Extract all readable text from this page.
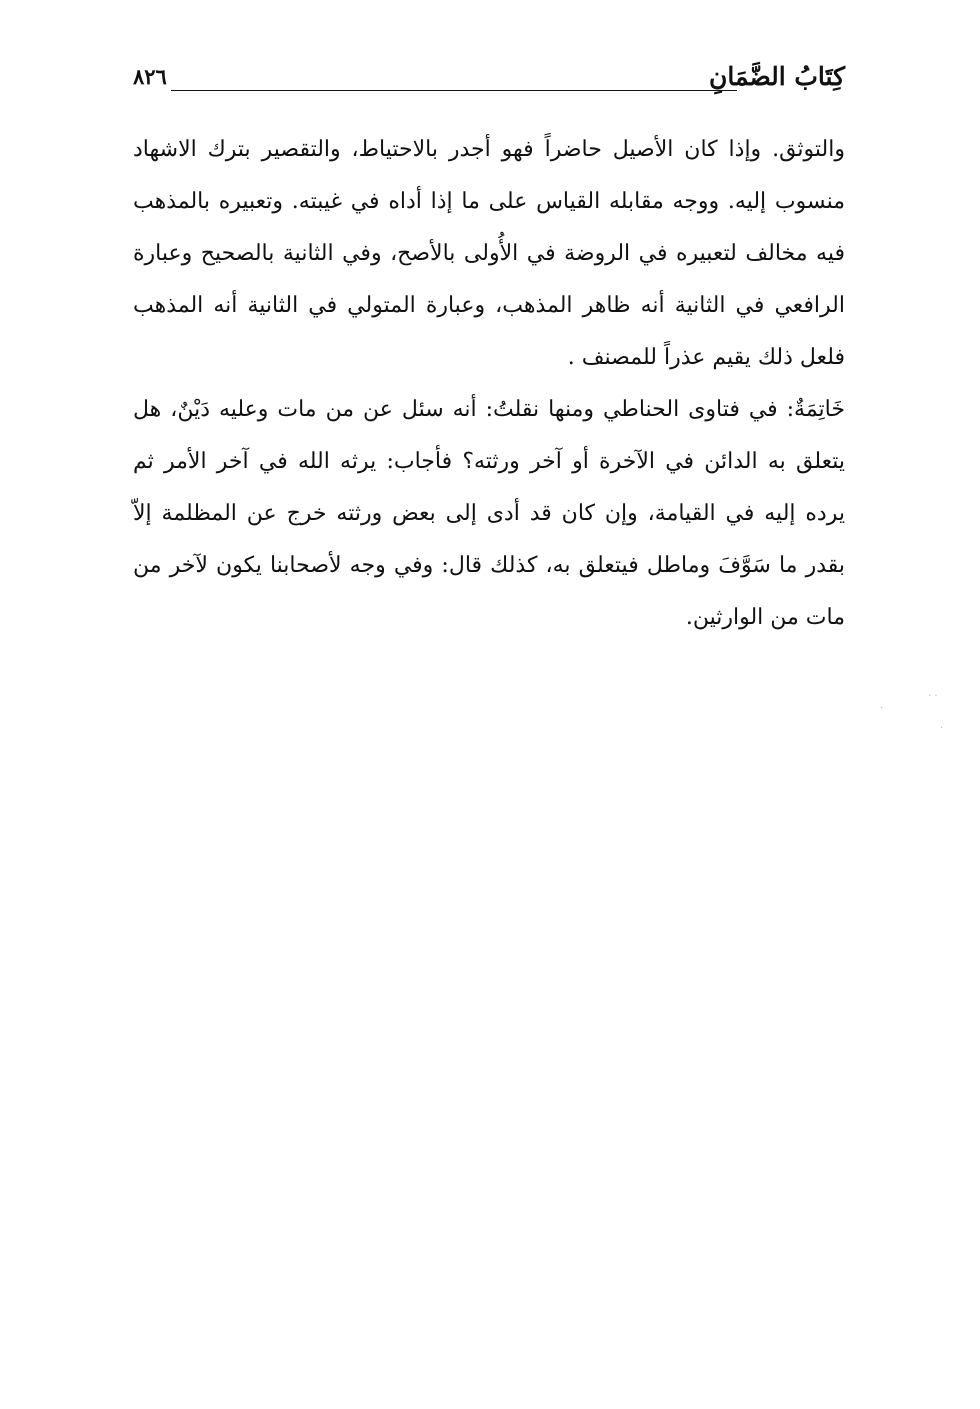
كِتَابُ الضَّمَانِ
٨٢٦

والتوثق. وإذا كان الأصيل حاضراً فهو أجدر بالاحتياط، والتقصير بترك الاشهاد منسوب إليه. ووجه مقابله القياس على ما إذا أداه في غيبته. وتعبيره بالمذهب فيه مخالف لتعبيره في الروضة في الأُولى بالأصح، وفي الثانية بالصحيح وعبارة الرافعي في الثانية أنه ظاهر المذهب، وعبارة المتولي في الثانية أنه المذهب فلعل ذلك يقيم عذراً للمصنف .

خَاتِمَةٌ: في فتاوى الحناطي ومنها نقلتُ: أنه سئل عن من مات وعليه دَيْنٌ، هل يتعلق به الدائن في الآخرة أو آخر ورثته؟ فأجاب: يرثه الله في آخر الأمر ثم يرده إليه في القيامة، وإن كان قد أدى إلى بعض ورثته خرج عن المظلمة إلاّ بقدر ما سَوَّفَ وماطل فيتعلق به، كذلك قال: وفي وجه لأصحابنا يكون لآخر من مات من الوارثين.

· ·
·
·
